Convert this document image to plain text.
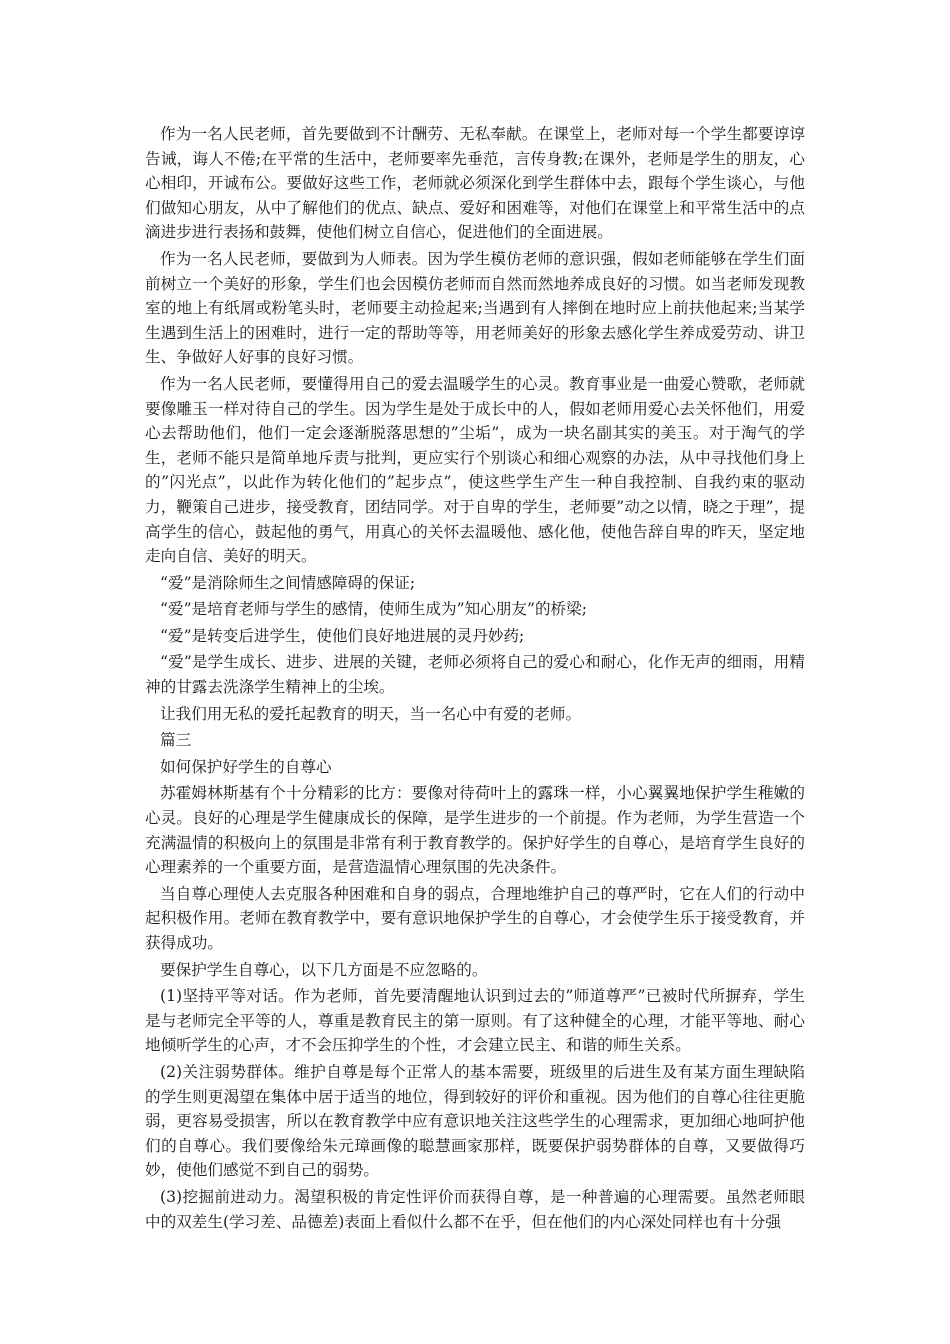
作为一名人民老师，首先要做到不计酬劳、无私奉献。在课堂上，老师对每一个学生都要谆谆告诫，诲人不倦;在平常的生活中，老师要率先垂范，言传身教;在课外，老师是学生的朋友，心心相印，开诚布公。要做好这些工作，老师就必须深化到学生群体中去，跟每个学生谈心，与他们做知心朋友，从中了解他们的优点、缺点、爱好和困难等，对他们在课堂上和平常生活中的点滴进步进行表扬和鼓舞，使他们树立自信心，促进他们的全面进展。

作为一名人民老师，要做到为人师表。因为学生模仿老师的意识强，假如老师能够在学生们面前树立一个美好的形象，学生们也会因模仿老师而自然而然地养成良好的习惯。如当老师发现教室的地上有纸屑或粉笔头时，老师要主动捡起来;当遇到有人摔倒在地时应上前扶他起来;当某学生遇到生活上的困难时，进行一定的帮助等等，用老师美好的形象去感化学生养成爱劳动、讲卫生、争做好人好事的良好习惯。

作为一名人民老师，要懂得用自己的爱去温暖学生的心灵。教育事业是一曲爱心赞歌，老师就要像雕玉一样对待自己的学生。因为学生是处于成长中的人，假如老师用爱心去关怀他们，用爱心去帮助他们，他们一定会逐渐脱落思想的”尘垢”，成为一块名副其实的美玉。对于淘气的学生，老师不能只是简单地斥责与批判，更应实行个别谈心和细心观察的办法，从中寻找他们身上的”闪光点”，以此作为转化他们的”起步点”，使这些学生产生一种自我控制、自我约束的驱动力，鞭策自己进步，接受教育，团结同学。对于自卑的学生，老师要”动之以情，晓之于理”，提高学生的信心，鼓起他的勇气，用真心的关怀去温暖他、感化他，使他告辞自卑的昨天，坚定地走向自信、美好的明天。

“爱”是消除师生之间情感障碍的保证;

“爱”是培育老师与学生的感情，使师生成为”知心朋友”的桥梁;

“爱”是转变后进学生，使他们良好地进展的灵丹妙药;

“爱”是学生成长、进步、进展的关键，老师必须将自己的爱心和耐心，化作无声的细雨，用精神的甘露去洗涤学生精神上的尘埃。

让我们用无私的爱托起教育的明天，当一名心中有爱的老师。

篇三

如何保护好学生的自尊心

苏霍姆林斯基有个十分精彩的比方：要像对待荷叶上的露珠一样，小心翼翼地保护学生稚嫩的心灵。良好的心理是学生健康成长的保障，是学生进步的一个前提。作为老师，为学生营造一个充满温情的积极向上的氛围是非常有利于教育教学的。保护好学生的自尊心，是培育学生良好的心理素养的一个重要方面，是营造温情心理氛围的先决条件。

当自尊心理使人去克服各种困难和自身的弱点，合理地维护自己的尊严时，它在人们的行动中起积极作用。老师在教育教学中，要有意识地保护学生的自尊心，才会使学生乐于接受教育，并获得成功。

要保护学生自尊心，以下几方面是不应忽略的。

(1)坚持平等对话。作为老师，首先要清醒地认识到过去的”师道尊严”已被时代所摒弃，学生是与老师完全平等的人，尊重是教育民主的第一原则。有了这种健全的心理，才能平等地、耐心地倾听学生的心声，才不会压抑学生的个性，才会建立民主、和谐的师生关系。

(2)关注弱势群体。维护自尊是每个正常人的基本需要，班级里的后进生及有某方面生理缺陷的学生则更渴望在集体中居于适当的地位，得到较好的评价和重视。因为他们的自尊心往往更脆弱，更容易受损害，所以在教育教学中应有意识地关注这些学生的心理需求，更加细心地呵护他们的自尊心。我们要像给朱元璋画像的聪慧画家那样，既要保护弱势群体的自尊，又要做得巧妙，使他们感觉不到自己的弱势。

(3)挖掘前进动力。渴望积极的肯定性评价而获得自尊，是一种普遍的心理需要。虽然老师眼中的双差生(学习差、品德差)表面上看似什么都不在乎，但在他们的内心深处同样也有十分强
